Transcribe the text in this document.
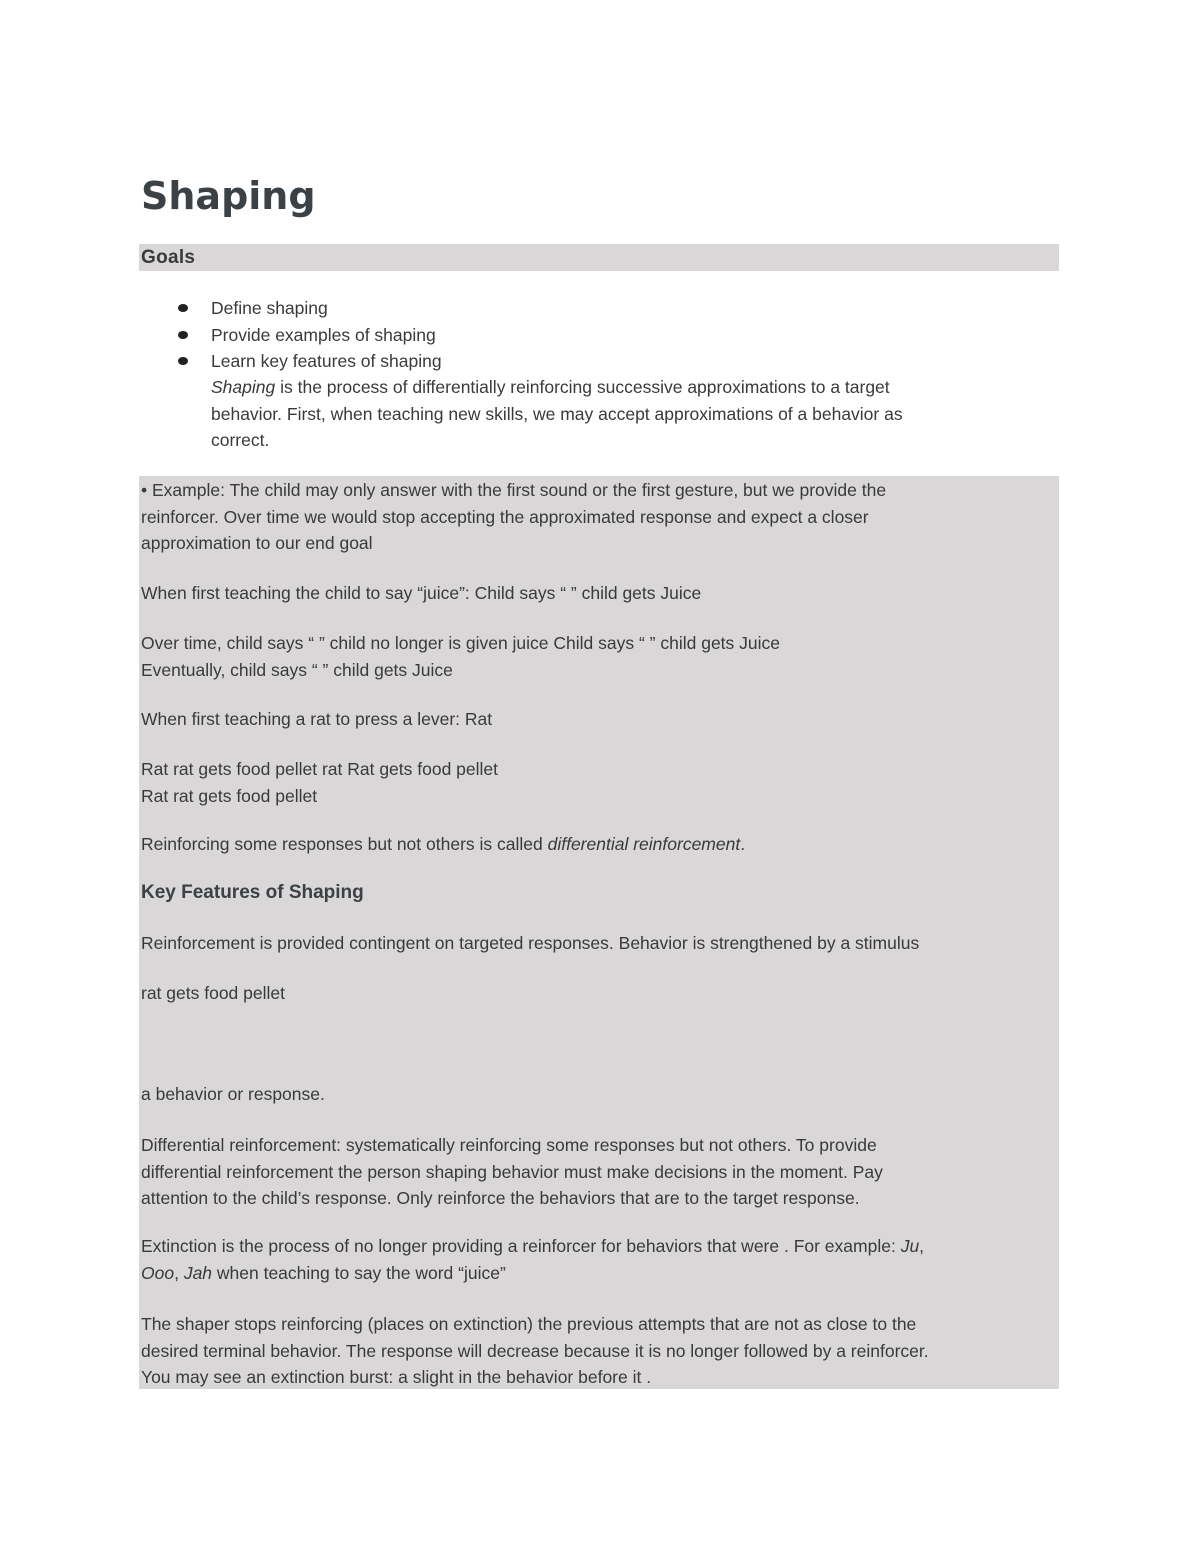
Shaping
Goals
Define shaping
Provide examples of shaping
Learn key features of shaping

Shaping is the process of differentially reinforcing successive approximations to a target
behavior. First, when teaching new skills, we may accept approximations of a behavior as
correct.

• Example: The child may only answer with the first sound or the first gesture, but we provide the
reinforcer. Over time we would stop accepting the approximated response and expect a closer
approximation to our end goal

When first teaching the child to say “juice”: Child says “ ” child gets Juice

Over time, child says “ ” child no longer is given juice Child says “ ” child gets Juice
Eventually, child says “ ” child gets Juice

When first teaching a rat to press a lever: Rat

Rat rat gets food pellet rat Rat gets food pellet
Rat rat gets food pellet

Reinforcing some responses but not others is called differential reinforcement.

Key Features of Shaping

Reinforcement is provided contingent on targeted responses. Behavior is strengthened by a stimulus

rat gets food pellet

a behavior or response.

Differential reinforcement: systematically reinforcing some responses but not others. To provide
differential reinforcement the person shaping behavior must make decisions in the moment. Pay
attention to the child’s response. Only reinforce the behaviors that are to the target response.

Extinction is the process of no longer providing a reinforcer for behaviors that were . For example: Ju,
Ooo, Jah when teaching to say the word “juice”

The shaper stops reinforcing (places on extinction) the previous attempts that are not as close to the
desired terminal behavior. The response will decrease because it is no longer followed by a reinforcer.
You may see an extinction burst: a slight in the behavior before it .
